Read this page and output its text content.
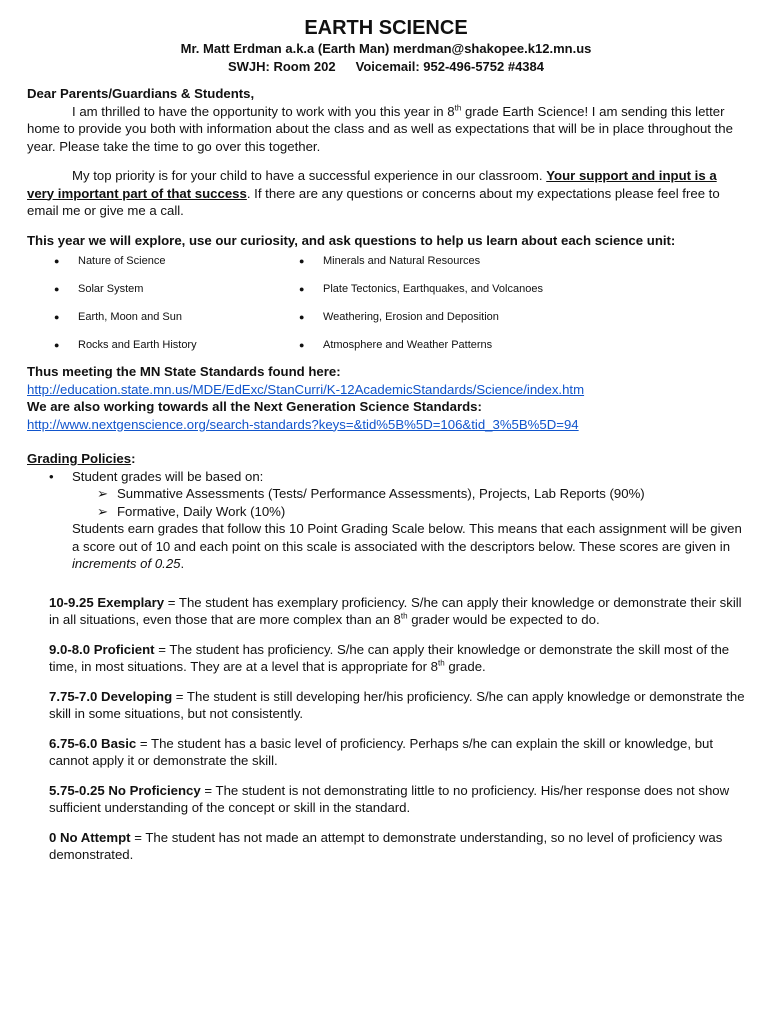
EARTH SCIENCE
Mr. Matt Erdman a.k.a (Earth Man) merdman@shakopee.k12.mn.us
SWJH: Room 202 Voicemail: 952-496-5752 #4384
Dear Parents/Guardians & Students,

I am thrilled to have the opportunity to work with you this year in 8th grade Earth Science! I am sending this letter home to provide you both with information about the class and as well as expectations that will be in place throughout the year. Please take the time to go over this together.

My top priority is for your child to have a successful experience in our classroom. Your support and input is a very important part of that success. If there are any questions or concerns about my expectations please feel free to email me or give me a call.

This year we will explore, use our curiosity, and ask questions to help us learn about each science unit:
●	Nature of Science
●	Solar System
●	Earth, Moon and Sun
●	Rocks and Earth History
●	Minerals and Natural Resources
●	Plate Tectonics, Earthquakes, and Volcanoes
●	Weathering, Erosion and Deposition
●	Atmosphere and Weather Patterns
Thus meeting the MN State Standards found here:
http://education.state.mn.us/MDE/EdExc/StanCurri/K-12AcademicStandards/Science/index.htm
We are also working towards all the Next Generation Science Standards:
http://www.nextgenscience.org/search-standards?keys=&tid%5B%5D=106&tid_3%5B%5D=94
Grading Policies:
• Student grades will be based on:
➢ Summative Assessments (Tests/ Performance Assessments), Projects, Lab Reports (90%)
➢ Formative, Daily Work (10%)

Students earn grades that follow this 10 Point Grading Scale below. This means that each assignment will be given a score out of 10 and each point on this scale is associated with the descriptors below. These scores are given in increments of 0.25.

10-9.25 Exemplary = The student has exemplary proficiency. S/he can apply their knowledge or demonstrate their skill in all situations, even those that are more complex than an 8th grader would be expected to do.

9.0-8.0 Proficient = The student has proficiency. S/he can apply their knowledge or demonstrate the skill most of the time, in most situations. They are at a level that is appropriate for 8th grade.

7.75-7.0 Developing = The student is still developing her/his proficiency. S/he can apply knowledge or demonstrate the skill in some situations, but not consistently.

6.75-6.0 Basic = The student has a basic level of proficiency. Perhaps s/he can explain the skill or knowledge, but cannot apply it or demonstrate the skill.

5.75-0.25 No Proficiency = The student is not demonstrating little to no proficiency. His/her response does not show sufficient understanding of the concept or skill in the standard.

0 No Attempt = The student has not made an attempt to demonstrate understanding, so no level of proficiency was demonstrated.
